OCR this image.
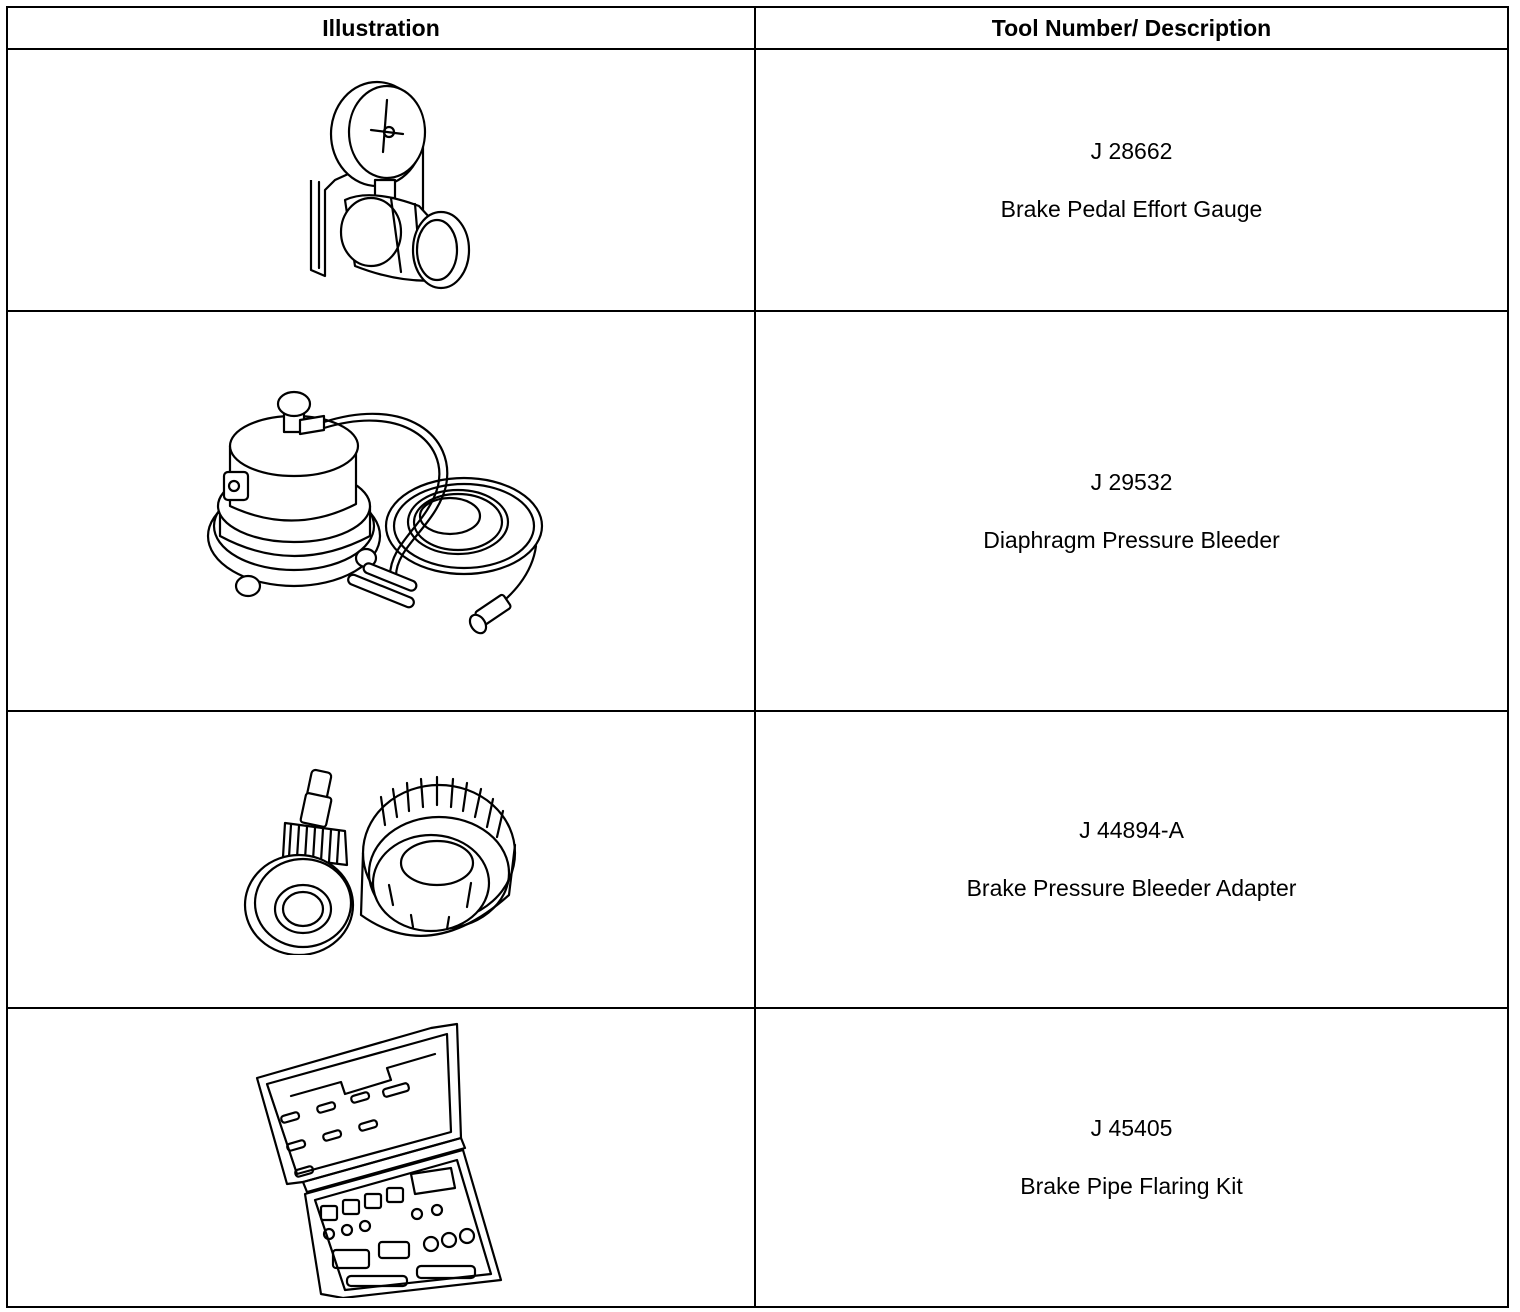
Illustration	Tool Number/ Description

J 28662
Brake Pedal Effort Gauge

J 29532
Diaphragm Pressure Bleeder

J 44894-A
Brake Pressure Bleeder Adapter

J 45405
Brake Pipe Flaring Kit
